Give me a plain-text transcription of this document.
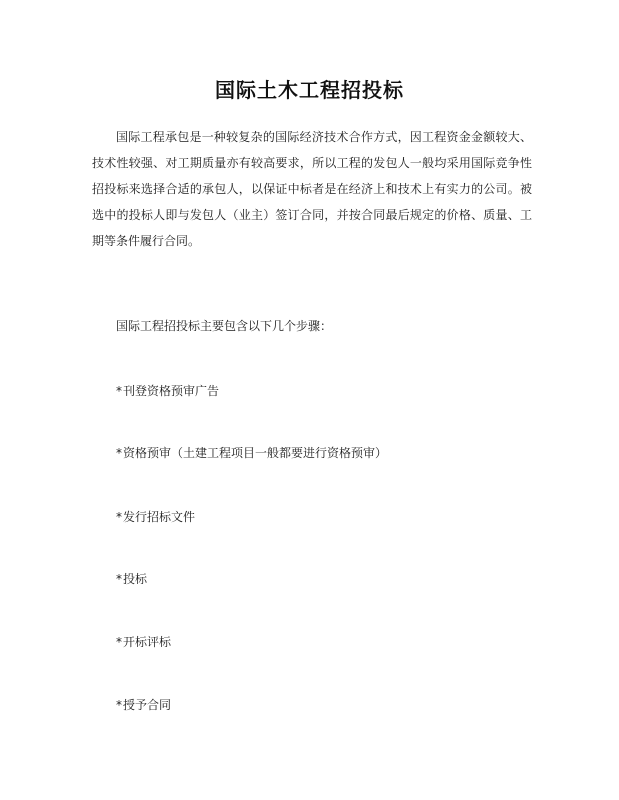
国际土木工程招投标

国际工程承包是一种较复杂的国际经济技术合作方式，因工程资金金额较大、技术性较强、对工期质量亦有较高要求，所以工程的发包人一般均采用国际竞争性招投标来选择合适的承包人，以保证中标者是在经济上和技术上有实力的公司。被选中的投标人即与发包人（业主）签订合同，并按合同最后规定的价格、质量、工期等条件履行合同。

国际工程招投标主要包含以下几个步骤：

*刊登资格预审广告

*资格预审（土建工程项目一般都要进行资格预审）

*发行招标文件

*投标

*开标评标

*授予合同
